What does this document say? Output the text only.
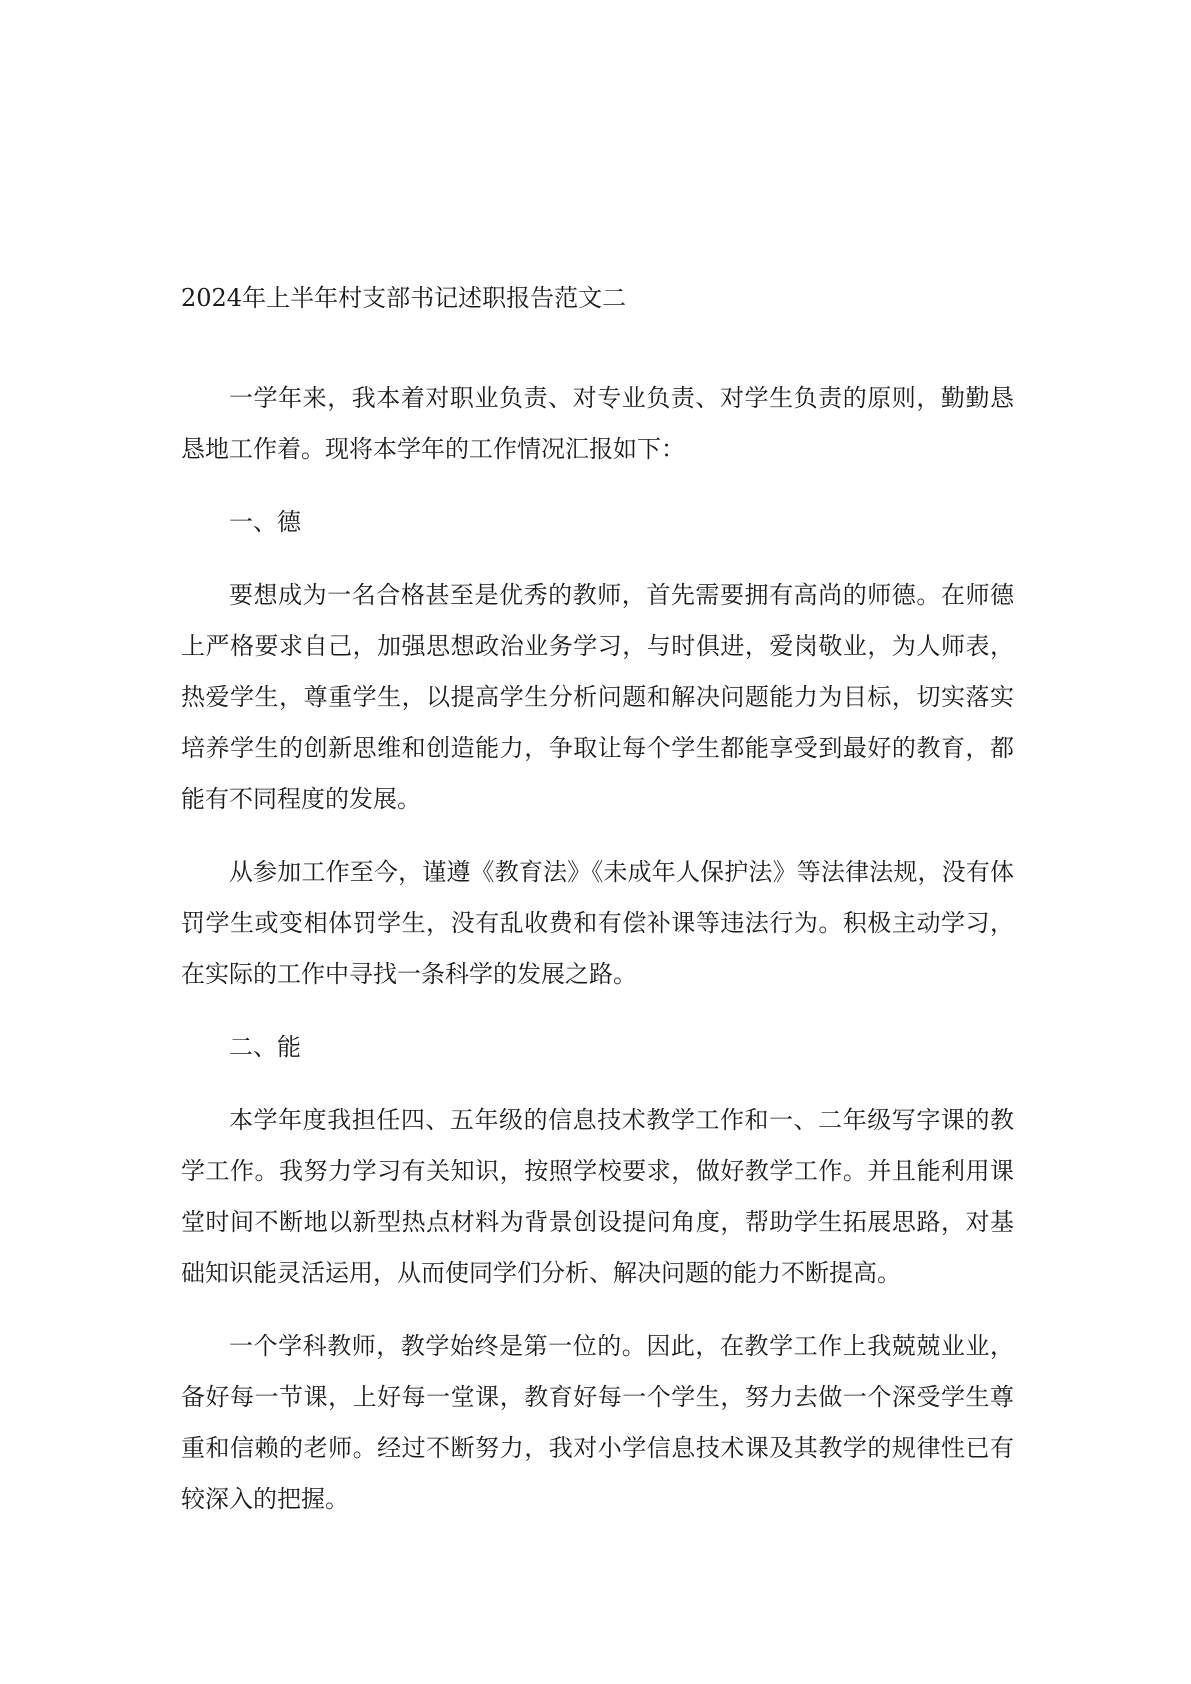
2024年上半年村支部书记述职报告范文二

一学年来，我本着对职业负责、对专业负责、对学生负责的原则，勤勤恳恳地工作着。现将本学年的工作情况汇报如下：

一、德

要想成为一名合格甚至是优秀的教师，首先需要拥有高尚的师德。在师德上严格要求自己，加强思想政治业务学习，与时俱进，爱岗敬业，为人师表，热爱学生，尊重学生，以提高学生分析问题和解决问题能力为目标，切实落实培养学生的创新思维和创造能力，争取让每个学生都能享受到最好的教育，都能有不同程度的发展。

从参加工作至今，谨遵《教育法》《未成年人保护法》等法律法规，没有体罚学生或变相体罚学生，没有乱收费和有偿补课等违法行为。积极主动学习，在实际的工作中寻找一条科学的发展之路。

二、能

本学年度我担任四、五年级的信息技术教学工作和一、二年级写字课的教学工作。我努力学习有关知识，按照学校要求，做好教学工作。并且能利用课堂时间不断地以新型热点材料为背景创设提问角度，帮助学生拓展思路，对基础知识能灵活运用，从而使同学们分析、解决问题的能力不断提高。

一个学科教师，教学始终是第一位的。因此，在教学工作上我兢兢业业，备好每一节课，上好每一堂课，教育好每一个学生，努力去做一个深受学生尊重和信赖的老师。经过不断努力，我对小学信息技术课及其教学的规律性已有较深入的把握。
